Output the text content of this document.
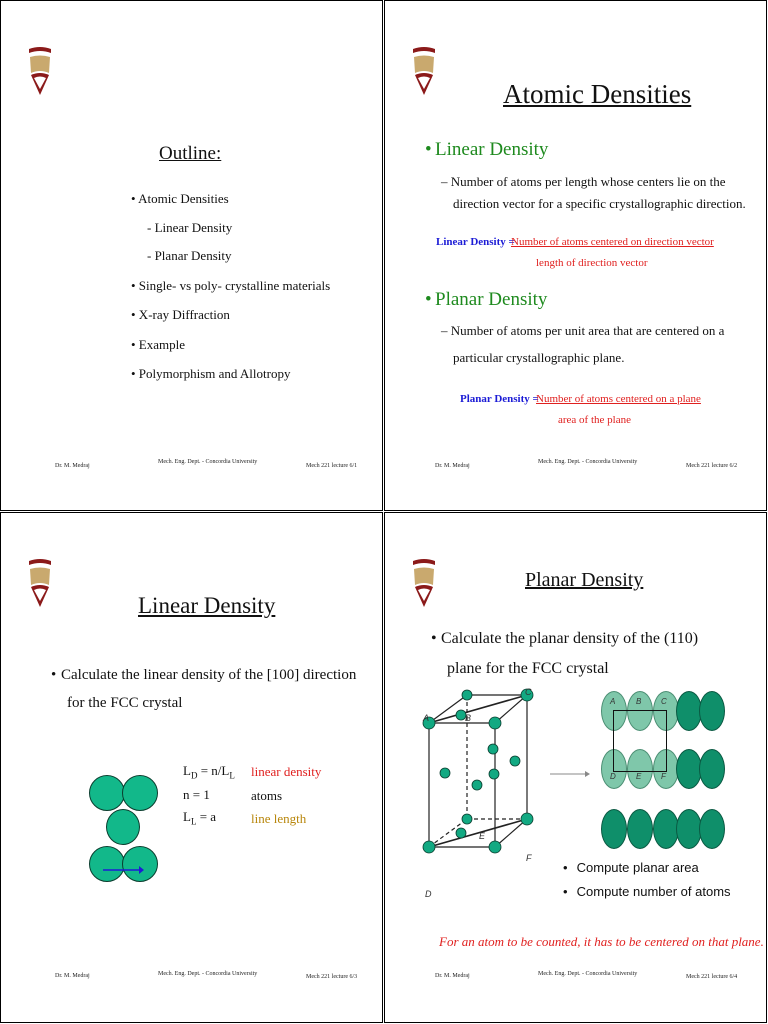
Outline:
• Atomic Densities
- Linear Density
- Planar Density
• Single- vs poly- crystalline materials
• X-ray Diffraction
• Example
• Polymorphism and Allotropy
Dr. M. Medraj
Mech. Eng. Dept. - Concordia University
Mech 221 lecture 6/1
Atomic Densities
• Linear Density
– Number of atoms per length whose centers lie on the
direction vector for a specific crystallographic direction.
Linear Density =
Number of atoms centered on direction vector
length of direction vector
• Planar Density
– Number of atoms per unit area that are centered on a
particular crystallographic plane.
Planar Density =
Number of atoms centered on a plane
area of the plane
Dr. M. Medraj
Mech. Eng. Dept. - Concordia University
Mech 221 lecture 6/2
Linear Density
• Calculate the linear density of the [100] direction
for the FCC crystal
$L_D = n/L_L$ linear density
n = 1	atoms
$L_L = a$	line length
Dr. M. Medraj	Mech. Eng. Dept. - Concordia University	Mech 221 lecture 6/3
Planar Density
• Calculate the planar density of the (110)
plane for the FCC crystal
A	B
C
D
E
F
A	B C
D	E F
• Compute planar area
• Compute number of atoms
For an atom to be counted, it has to be centered on that plane.
Dr. M. Medraj	Mech. Eng. Dept. - Concordia University	Mech 221 lecture 6/4
